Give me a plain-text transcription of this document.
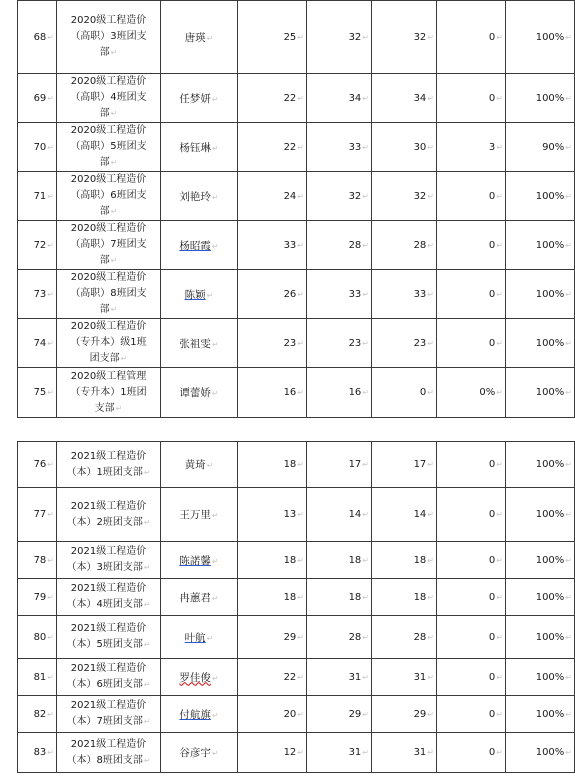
68↵	2020级工程造价
（高职）3班团支
部↵	唐瑛↵	25↵	32↵	32↵	0↵	100%↵
69↵	2020级工程造价
（高职）4班团支
部↵	任梦妍↵	22↵	34↵	34↵	0↵	100%↵
70↵	2020级工程造价
（高职）5班团支
部↵	杨钰琳↵	22↵	33↵	30↵	3↵	90%↵
71↵	2020级工程造价
（高职）6班团支
部↵	刘艳玲↵	24↵	32↵	32↵	0↵	100%↵
72↵	2020级工程造价
（高职）7班团支
部↵	杨昭霞↵	33↵	28↵	28↵	0↵	100%↵
73↵	2020级工程造价
（高职）8班团支
部↵	陈颖↵	26↵	33↵	33↵	0↵	100%↵
74↵	2020级工程造价
（专升本）级1班
团支部↵	张祖雯↵	23↵	23↵	23↵	0↵	100%↵
75↵	2020级工程管理
（专升本）1班团
支部↵	谭蕾娇↵	16↵	16↵	0↵	0%↵	100%↵
76↵	2021级工程造价
（本）1班团支部↵	黄琦↵	18↵	17↵	17↵	0↵	100%↵
77↵	2021级工程造价
（本）2班团支部↵	王万里↵	13↵	14↵	14↵	0↵	100%↵
78↵	2021级工程造价
（本）3班团支部↵	陈諾馨↵	18↵	18↵	18↵	0↵	100%↵
79↵	2021级工程造价
（本）4班团支部↵	冉蕙君↵	18↵	18↵	18↵	0↵	100%↵
80↵	2021级工程造价
（本）5班团支部↵	叶航↵	29↵	28↵	28↵	0↵	100%↵
81↵	2021级工程造价
（本）6班团支部↵	罗佳俊↵	22↵	31↵	31↵	0↵	100%↵
82↵	2021级工程造价
（本）7班团支部↵	付航旗↵	20↵	29↵	29↵	0↵	100%↵
83↵	2021级工程造价
（本）8班团支部↵	谷彦宇↵	12↵	31↵	31↵	0↵	100%↵
